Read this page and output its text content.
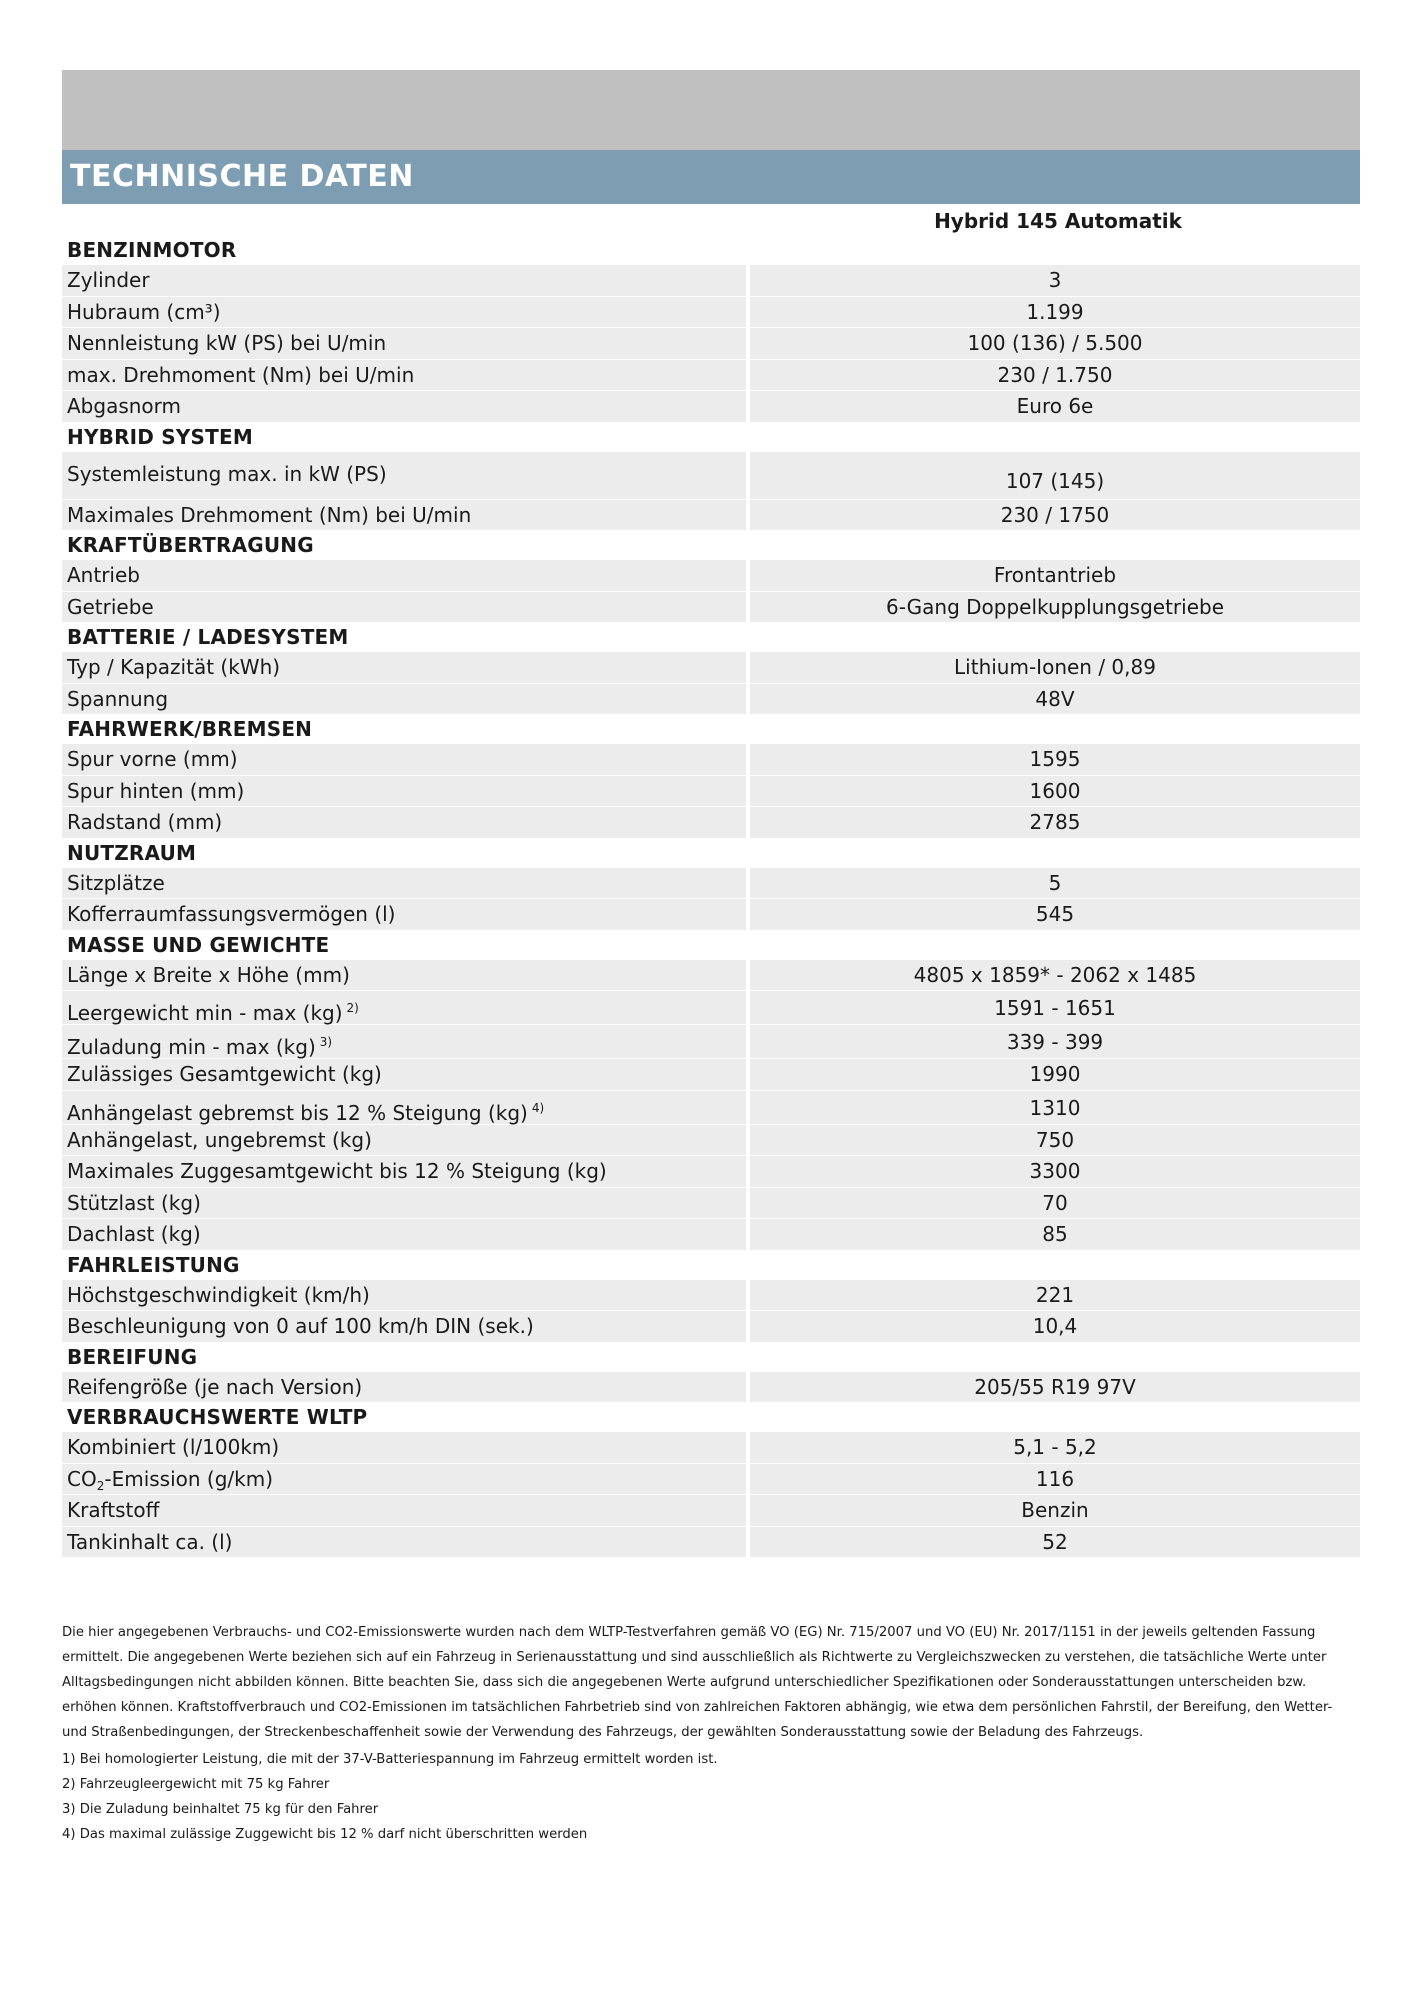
TECHNISCHE DATEN
Hybrid 145 Automatik
BENZINMOTOR
Zylinder	3
Hubraum (cm³)	1.199
Nennleistung kW (PS) bei U/min	100 (136) / 5.500
max. Drehmoment (Nm) bei U/min	230 / 1.750
Abgasnorm	Euro 6e
HYBRID SYSTEM
Systemleistung max. in kW (PS)	107 (145)
Maximales Drehmoment (Nm) bei U/min	230 / 1750
KRAFTÜBERTRAGUNG
Antrieb	Frontantrieb
Getriebe	6-Gang Doppelkupplungsgetriebe
BATTERIE / LADESYSTEM
Typ / Kapazität (kWh)	Lithium-Ionen / 0,89
Spannung	48V
FAHRWERK/BREMSEN
Spur vorne (mm)	1595
Spur hinten (mm)	1600
Radstand (mm)	2785
NUTZRAUM
Sitzplätze	5
Kofferraumfassungsvermögen (l)	545
MASSE UND GEWICHTE
Länge x Breite x Höhe (mm)	4805 x 1859* - 2062 x 1485
Leergewicht min - max (kg) $^{2)}$	1591 - 1651
Zuladung min - max (kg) $^{3)}$	339 - 399
Zulässiges Gesamtgewicht (kg)	1990
Anhängelast gebremst bis 12 % Steigung (kg) $^{4)}$	1310
Anhängelast, ungebremst (kg)	750
Maximales Zuggesamtgewicht bis 12 % Steigung (kg)	3300
Stützlast (kg)	70
Dachlast (kg)	85
FAHRLEISTUNG
Höchstgeschwindigkeit (km/h)	221
Beschleunigung von 0 auf 100 km/h DIN (sek.)	10,4
BEREIFUNG
Reifengröße (je nach Version)	205/55 R19 97V
VERBRAUCHSWERTE WLTP
Kombiniert (l/100km)	5,1 - 5,2
$CO_2$-Emission (g/km)	116
Kraftstoff	Benzin
Tankinhalt ca. (l)	52

Die hier angegebenen Verbrauchs- und CO2-Emissionswerte wurden nach dem WLTP-Testverfahren gemäß VO (EG) Nr. 715/2007 und VO (EU) Nr. 2017/1151 in der jeweils geltenden Fassung ermittelt. Die angegebenen Werte beziehen sich auf ein Fahrzeug in Serienausstattung und sind ausschließlich als Richtwerte zu Vergleichszwecken zu verstehen, die tatsächliche Werte unter Alltagsbedingungen nicht abbilden können. Bitte beachten Sie, dass sich die angegebenen Werte aufgrund unterschiedlicher Spezifikationen oder Sonderausstattungen unterscheiden bzw. erhöhen können. Kraftstoffverbrauch und CO2-Emissionen im tatsächlichen Fahrbetrieb sind von zahlreichen Faktoren abhängig, wie etwa dem persönlichen Fahrstil, der Bereifung, den Wetter- und Straßenbedingungen, der Streckenbeschaffenheit sowie der Verwendung des Fahrzeugs, der gewählten Sonderausstattung sowie der Beladung des Fahrzeugs.

1) Bei homologierter Leistung, die mit der 37-V-Batteriespannung im Fahrzeug ermittelt worden ist.

2) Fahrzeugleergewicht mit 75 kg Fahrer

3) Die Zuladung beinhaltet 75 kg für den Fahrer

4) Das maximal zulässige Zuggewicht bis 12 % darf nicht überschritten werden
